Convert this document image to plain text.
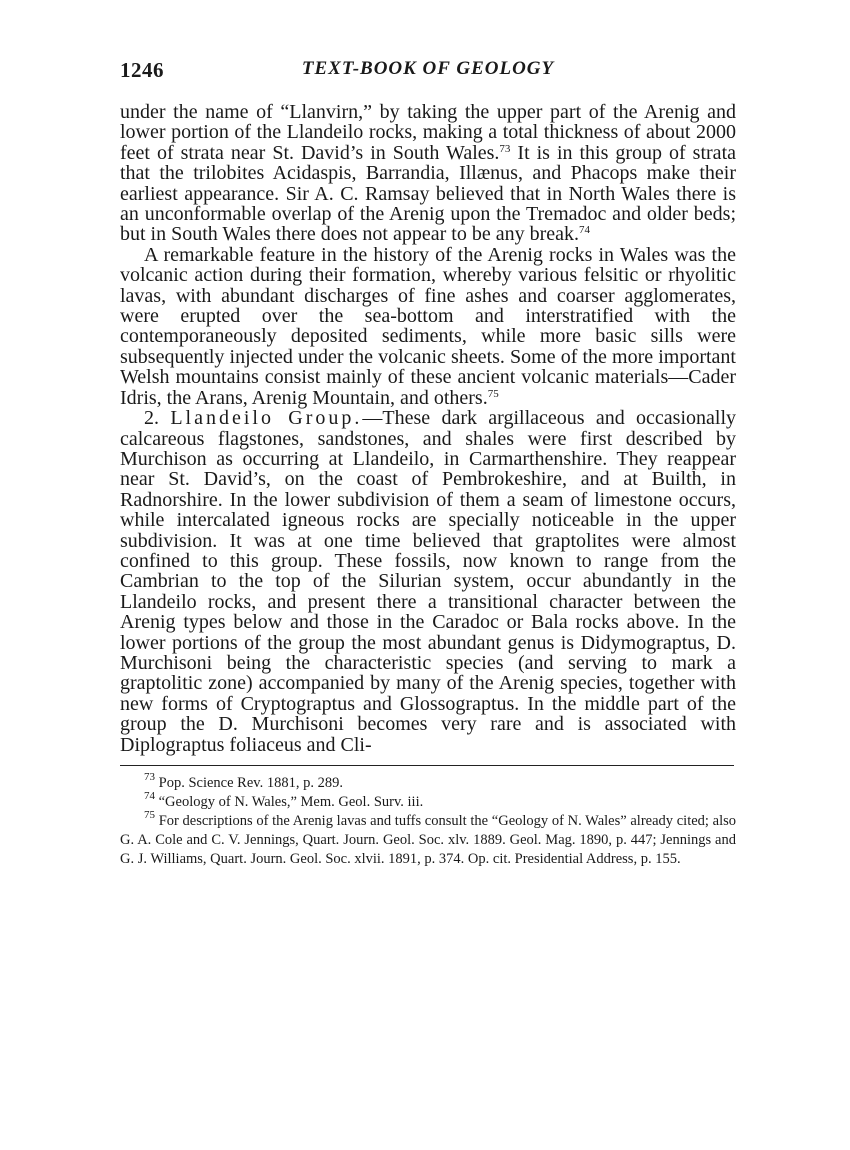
1246	TEXT-BOOK OF GEOLOGY

under the name of “Llanvirn,” by taking the upper part of the Arenig and lower portion of the Llandeilo rocks, making a total thickness of about 2000 feet of strata near St. David’s in South Wales.$^{73}$ It is in this group of strata that the trilobites Acidaspis, Barrandia, Illænus, and Phacops make their earliest appearance. Sir A. C. Ramsay believed that in North Wales there is an unconformable overlap of the Arenig upon the Tremadoc and older beds; but in South Wales there does not appear to be any break.$^{74}$

A remarkable feature in the history of the Arenig rocks in Wales was the volcanic action during their formation, whereby various felsitic or rhyolitic lavas, with abundant discharges of fine ashes and coarser agglomerates, were erupted over the sea-bottom and interstratified with the contemporaneously deposited sediments, while more basic sills were subsequently injected under the volcanic sheets. Some of the more important Welsh mountains consist mainly of these ancient volcanic materials—Cader Idris, the Arans, Arenig Mountain, and others.$^{75}$

2. Llandeilo Group.—These dark argillaceous and occasionally calcareous flagstones, sandstones, and shales were first described by Murchison as occurring at Llandeilo, in Carmarthenshire. They reappear near St. David’s, on the coast of Pembrokeshire, and at Builth, in Radnorshire. In the lower subdivision of them a seam of limestone occurs, while intercalated igneous rocks are specially noticeable in the upper subdivision. It was at one time believed that graptolites were almost confined to this group. These fossils, now known to range from the Cambrian to the top of the Silurian system, occur abundantly in the Llandeilo rocks, and present there a transitional character between the Arenig types below and those in the Caradoc or Bala rocks above. In the lower portions of the group the most abundant genus is Didymograptus, D. Murchisoni being the characteristic species (and serving to mark a graptolitic zone) accompanied by many of the Arenig species, together with new forms of Cryptograptus and Glossograptus. In the middle part of the group the D. Murchisoni becomes very rare and is associated with Diplograptus foliaceus and Cli-

$^{73}$ Pop. Science Rev. 1881, p. 289.

$^{74}$ “Geology of N. Wales,” Mem. Geol. Surv. iii.

$^{75}$ For descriptions of the Arenig lavas and tuffs consult the “Geology of N. Wales” already cited; also G. A. Cole and C. V. Jennings, Quart. Journ. Geol. Soc. xlv. 1889. Geol. Mag. 1890, p. 447; Jennings and G. J. Williams, Quart. Journ. Geol. Soc. xlvii. 1891, p. 374. Op. cit. Presidential Address, p. 155.
